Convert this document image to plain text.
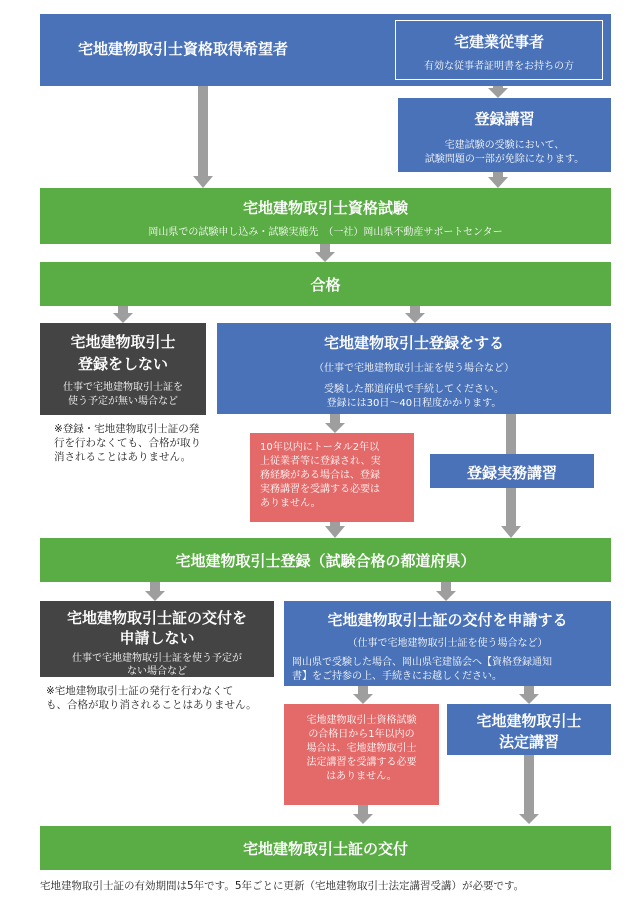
宅地建物取引士資格取得希望者	宅建業従事者
有効な従事者証明書をお持ちの方
登録講習
宅建試験の受験において、
試験問題の一部が免除になります。
宅地建物取引士資格試験
岡山県での試験申し込み・試験実施先　（一社）岡山県不動産サポートセンター
合格
宅地建物取引士
登録をしない
仕事で宅地建物取引士証を
使う予定が無い場合など
※登録・宅地建物取引士証の発
行を行わなくても、合格が取り
消されることはありません。
宅地建物取引士登録をする
（仕事で宅地建物取引士証を使う場合など）
受験した都道府県で手続してください。
登録には30日～40日程度かかります。
10年以内にトータル2年以
上従業者等に登録され、実
務経験がある場合は、登録
実務講習を受講する必要は
ありません。
登録実務講習
宅地建物取引士登録（試験合格の都道府県）
宅地建物取引士証の交付を
申請しない
仕事で宅地建物取引士証を使う予定が
ない場合など
※宅地建物取引士証の発行を行わなくて
も、合格が取り消されることはありません。
宅地建物取引士証の交付を申請する
（仕事で宅地建物取引士証を使う場合など）
岡山県で受験した場合、岡山県宅建協会へ【資格登録通知
書】をご持参の上、手続きにお越しください。
宅地建物取引士資格試験
の合格日から1年以内の
場合は、宅地建物取引士
法定講習を受講する必要
はありません。
宅地建物取引士
法定講習
宅地建物取引士証の交付
宅地建物取引士証の有効期間は5年です。5年ごとに更新（宅地建物取引士法定講習受講）が必要です。
